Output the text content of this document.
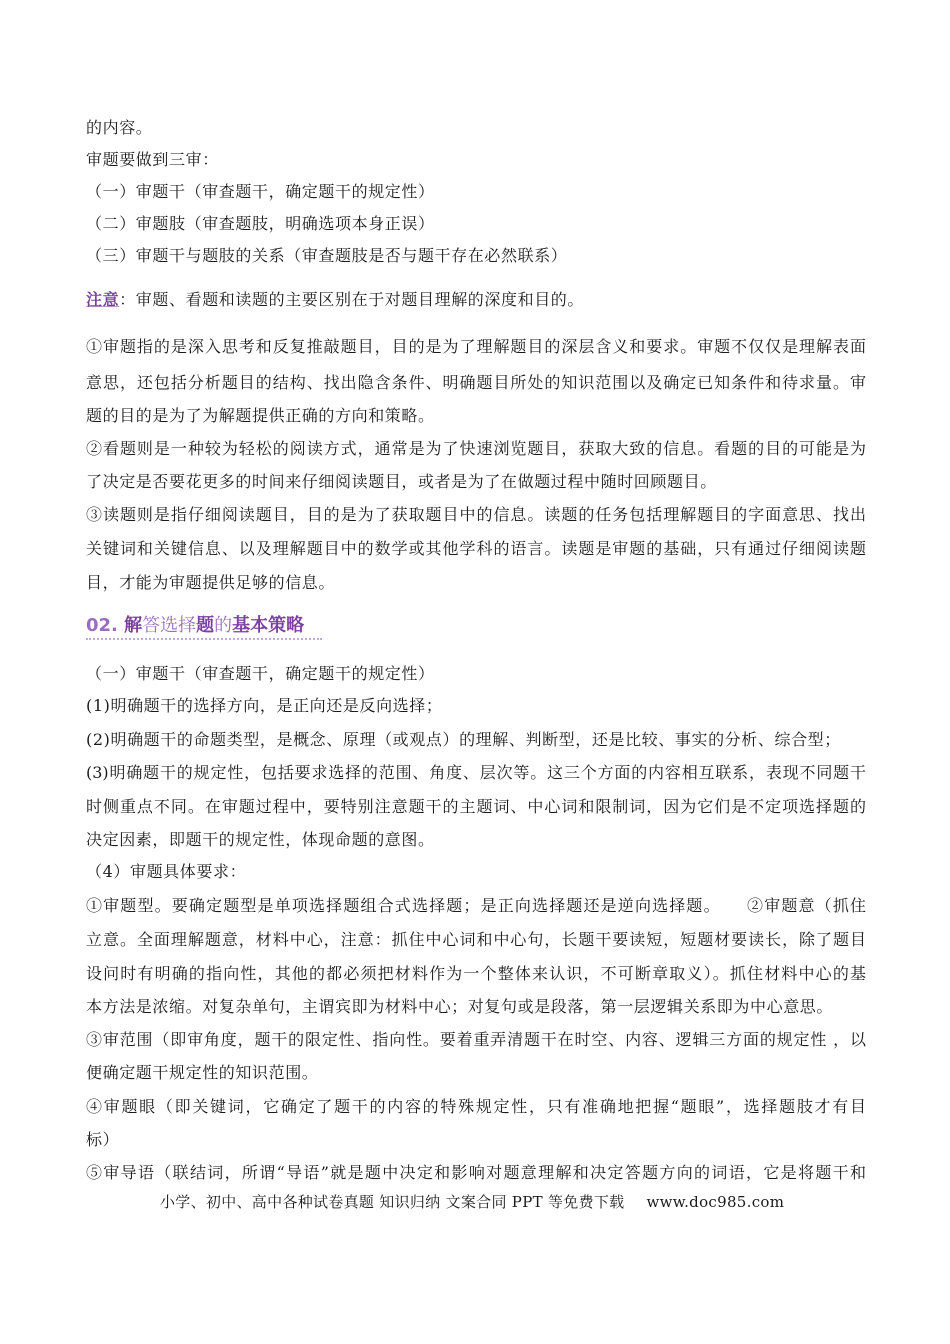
的内容。
审题要做到三审：
（一）审题干（审查题干，确定题干的规定性）
（二）审题肢（审查题肢，明确选项本身正误）
（三）审题干与题肢的关系（审查题肢是否与题干存在必然联系）
注意：审题、看题和读题的主要区别在于对题目理解的深度和目的。
①审题指的是深入思考和反复推敲题目，目的是为了理解题目的深层含义和要求。审题不仅仅是理解表面
意思，还包括分析题目的结构、找出隐含条件、明确题目所处的知识范围以及确定已知条件和待求量。审
题的目的是为了为解题提供正确的方向和策略。
②看题则是一种较为轻松的阅读方式，通常是为了快速浏览题目，获取大致的信息。看题的目的可能是为
了决定是否要花更多的时间来仔细阅读题目，或者是为了在做题过程中随时回顾题目。
③读题则是指仔细阅读题目，目的是为了获取题目中的信息。读题的任务包括理解题目的字面意思、找出
关键词和关键信息、以及理解题目中的数学或其他学科的语言。读题是审题的基础，只有通过仔细阅读题
目，才能为审题提供足够的信息。
02. 解答选择题的基本策略
（一）审题干（审查题干，确定题干的规定性）
(1)明确题干的选择方向，是正向还是反向选择；
(2)明确题干的命题类型，是概念、原理（或观点）的理解、判断型，还是比较、事实的分析、综合型；
(3)明确题干的规定性，包括要求选择的范围、角度、层次等。这三个方面的内容相互联系，表现不同题干
时侧重点不同。在审题过程中，要特别注意题干的主题词、中心词和限制词，因为它们是不定项选择题的
决定因素，即题干的规定性，体现命题的意图。
（4）审题具体要求：
①审题型。要确定题型是单项选择题组合式选择题；是正向选择题还是逆向选择题。　　②审题意（抓住
立意。全面理解题意，材料中心，注意：抓住中心词和中心句，长题干要读短，短题材要读长，除了题目
设问时有明确的指向性，其他的都必须把材料作为一个整体来认识，不可断章取义）。抓住材料中心的基
本方法是浓缩。对复杂单句，主谓宾即为材料中心；对复句或是段落，第一层逻辑关系即为中心意思。
③审范围（即审角度，题干的限定性、指向性。要着重弄清题干在时空、内容、逻辑三方面的规定性 ，以
便确定题干规定性的知识范围。
④审题眼（即关键词，它确定了题干的内容的特殊规定性，只有准确地把握“题眼”，选择题肢才有目
标）
⑤审导语（联结词，所谓“导语”就是题中决定和影响对题意理解和决定答题方向的词语，它是将题干和
小学、初中、高中各种试卷真题 知识归纳 文案合同 PPT 等免费下载 www.doc985.com
